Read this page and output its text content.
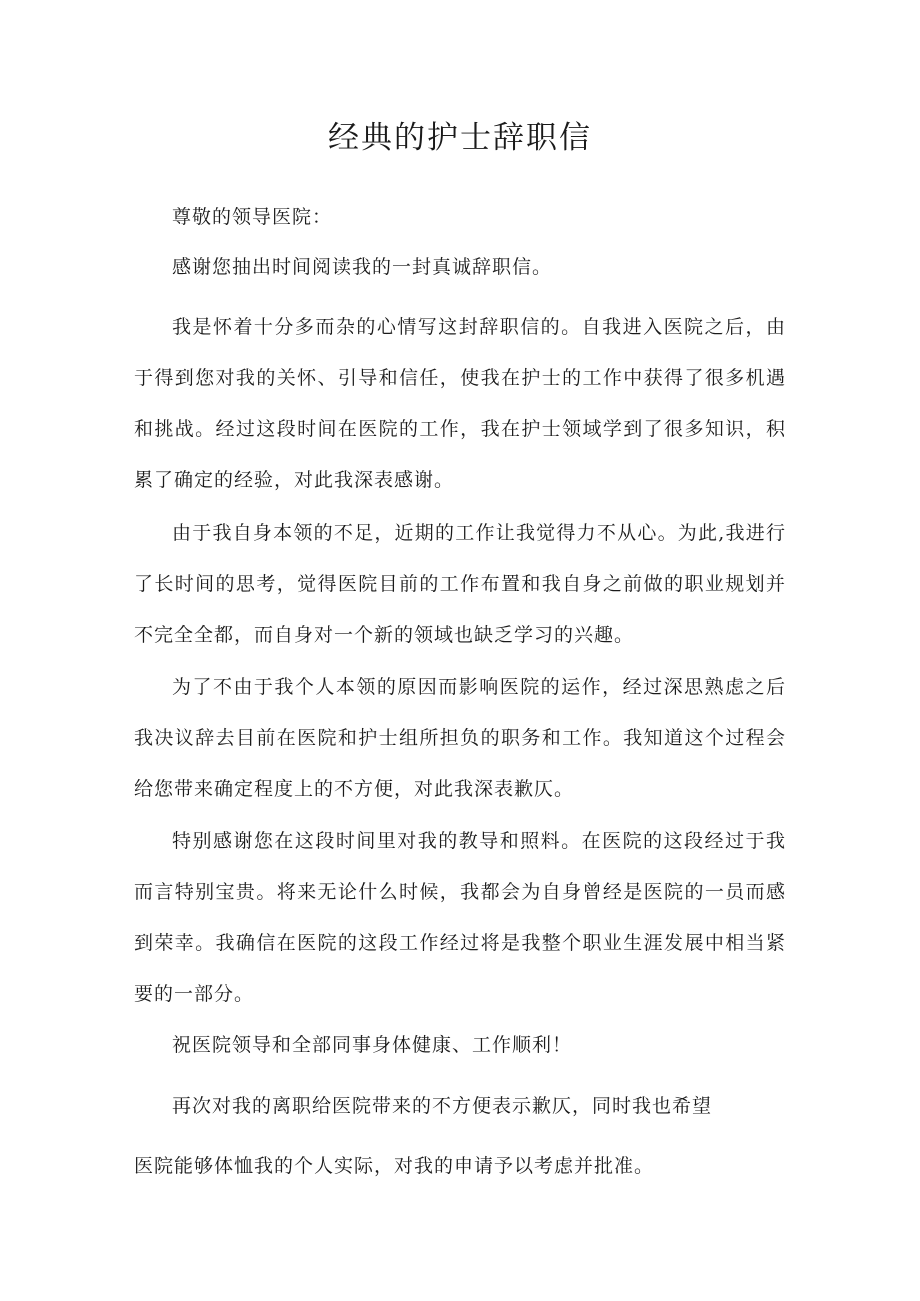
经典的护士辞职信

尊敬的领导医院：

感谢您抽出时间阅读我的一封真诚辞职信。

我是怀着十分多而杂的心情写这封辞职信的。自我进入医院之后，由于得到您对我的关怀、引导和信任，使我在护士的工作中获得了很多机遇和挑战。经过这段时间在医院的工作，我在护士领域学到了很多知识，积累了确定的经验，对此我深表感谢。

由于我自身本领的不足，近期的工作让我觉得力不从心。为此,我进行了长时间的思考，觉得医院目前的工作布置和我自身之前做的职业规划并不完全全都，而自身对一个新的领域也缺乏学习的兴趣。

为了不由于我个人本领的原因而影响医院的运作，经过深思熟虑之后我决议辞去目前在医院和护士组所担负的职务和工作。我知道这个过程会给您带来确定程度上的不方便，对此我深表歉仄。

特别感谢您在这段时间里对我的教导和照料。在医院的这段经过于我而言特别宝贵。将来无论什么时候，我都会为自身曾经是医院的一员而感到荣幸。我确信在医院的这段工作经过将是我整个职业生涯发展中相当紧要的一部分。

祝医院领导和全部同事身体健康、工作顺利！

再次对我的离职给医院带来的不方便表示歉仄，同时我也希望

医院能够体恤我的个人实际，对我的申请予以考虑并批准。
